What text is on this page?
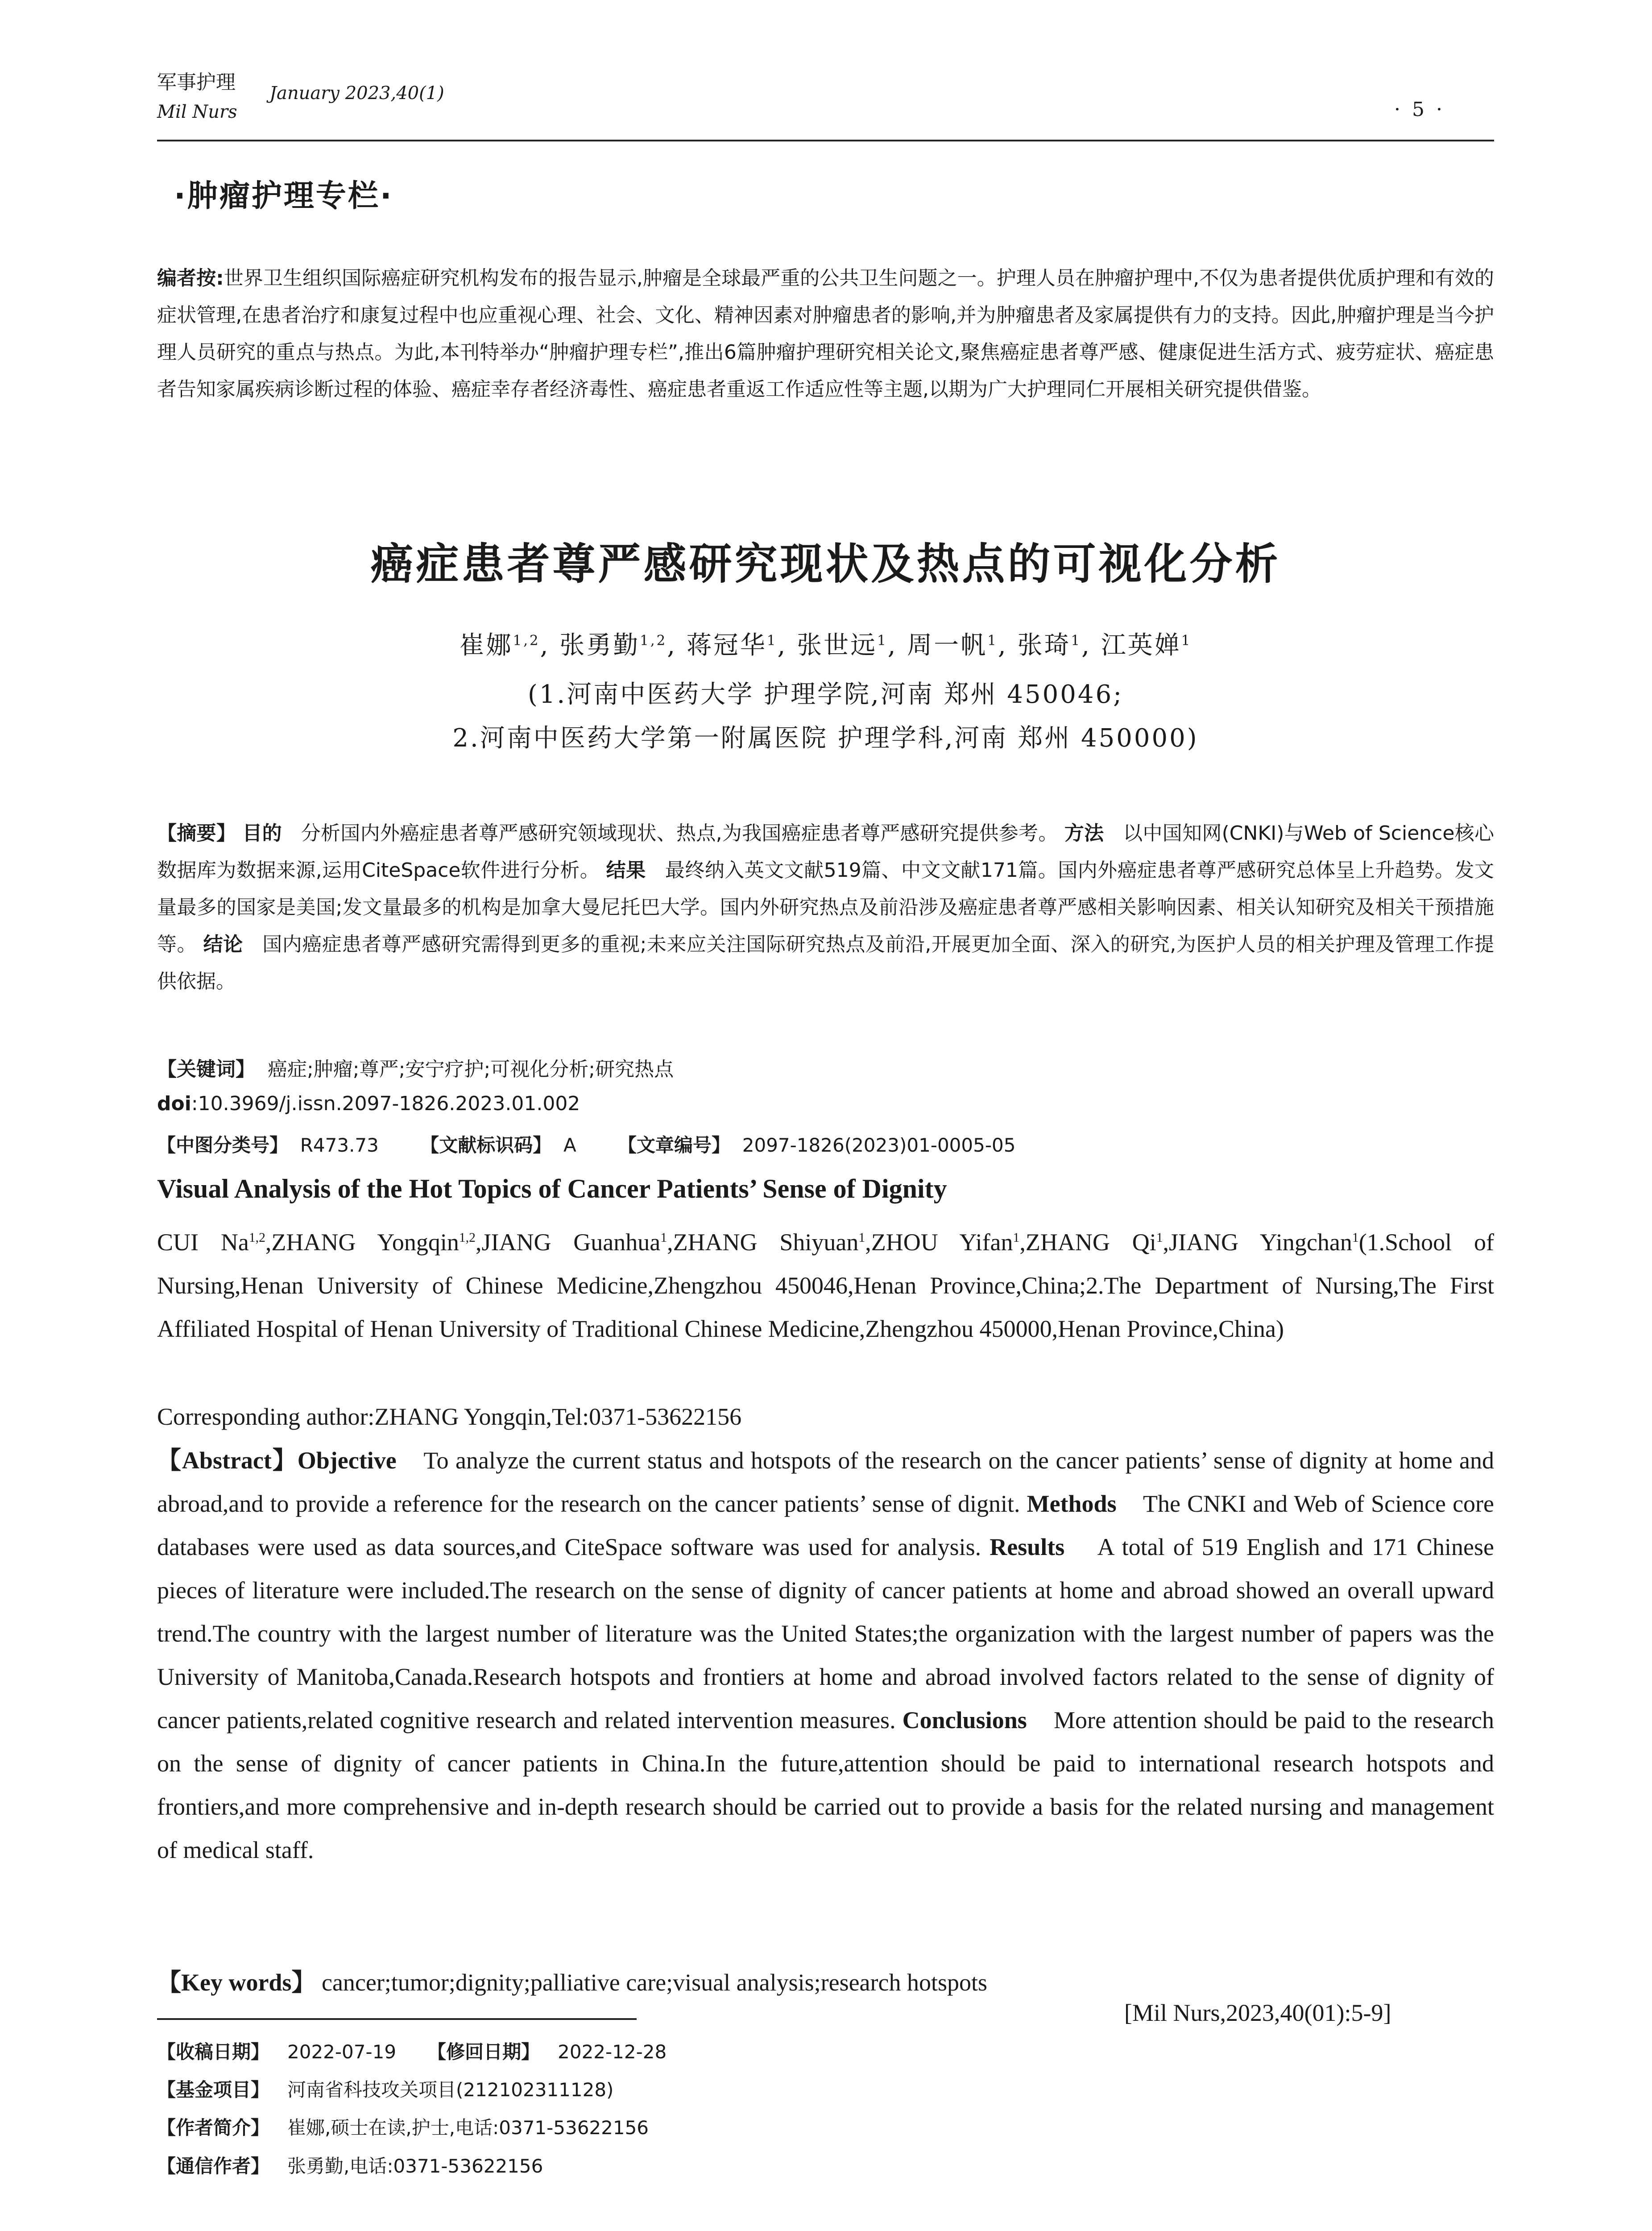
军事护理
Mil Nurs
January 2023,40(1)
· 5 ·
·肿瘤护理专栏·
编者按:世界卫生组织国际癌症研究机构发布的报告显示,肿瘤是全球最严重的公共卫生问题之一。护理人员在肿瘤护理中,不仅为患者提供优质护理和有效的症状管理,在患者治疗和康复过程中也应重视心理、社会、文化、精神因素对肿瘤患者的影响,并为肿瘤患者及家属提供有力的支持。因此,肿瘤护理是当今护理人员研究的重点与热点。为此,本刊特举办“肿瘤护理专栏”,推出6篇肿瘤护理研究相关论文,聚焦癌症患者尊严感、健康促进生活方式、疲劳症状、癌症患者告知家属疾病诊断过程的体验、癌症幸存者经济毒性、癌症患者重返工作适应性等主题,以期为广大护理同仁开展相关研究提供借鉴。
癌症患者尊严感研究现状及热点的可视化分析
崔娜$^{1,2}$, 张勇勤$^{1,2}$, 蒋冠华$^1$, 张世远$^1$, 周一帆$^1$, 张琦$^1$, 江英婵$^1$
(1.河南中医药大学 护理学院,河南 郑州 450046;
2.河南中医药大学第一附属医院 护理学科,河南 郑州 450000)
【摘要】 目的 分析国内外癌症患者尊严感研究领域现状、热点,为我国癌症患者尊严感研究提供参考。 方法 以中国知网(CNKI)与Web of Science核心数据库为数据来源,运用CiteSpace软件进行分析。 结果 最终纳入英文文献519篇、中文文献171篇。国内外癌症患者尊严感研究总体呈上升趋势。发文量最多的国家是美国;发文量最多的机构是加拿大曼尼托巴大学。国内外研究热点及前沿涉及癌症患者尊严感相关影响因素、相关认知研究及相关干预措施等。 结论 国内癌症患者尊严感研究需得到更多的重视;未来应关注国际研究热点及前沿,开展更加全面、深入的研究,为医护人员的相关护理及管理工作提供依据。
【关键词】 癌症;肿瘤;尊严;安宁疗护;可视化分析;研究热点
doi:10.3969/j.issn.2097-1826.2023.01.002
【中图分类号】 R473.73 【文献标识码】 A 【文章编号】 2097-1826(2023)01-0005-05
Visual Analysis of the Hot Topics of Cancer Patients’ Sense of Dignity
CUI Na$^{1,2}$,ZHANG Yongqin$^{1,2}$,JIANG Guanhua$^1$,ZHANG Shiyuan$^1$,ZHOU Yifan$^1$,ZHANG Qi$^1$,JIANG Yingchan$^1$(1.School of Nursing,Henan University of Chinese Medicine,Zhengzhou 450046,Henan Province,China;2.The Department of Nursing,The First Affiliated Hospital of Henan University of Traditional Chinese Medicine,Zhengzhou 450000,Henan Province,China)
Corresponding author:ZHANG Yongqin,Tel:0371-53622156
【Abstract】Objective To analyze the current status and hotspots of the research on the cancer patients’ sense of dignity at home and abroad,and to provide a reference for the research on the cancer patients’ sense of dignit. Methods The CNKI and Web of Science core databases were used as data sources,and CiteSpace software was used for analysis. Results A total of 519 English and 171 Chinese pieces of literature were included.The research on the sense of dignity of cancer patients at home and abroad showed an overall upward trend.The country with the largest number of literature was the United States;the organization with the largest number of papers was the University of Manitoba,Canada.Research hotspots and frontiers at home and abroad involved factors related to the sense of dignity of cancer patients,related cognitive research and related intervention measures. Conclusions More attention should be paid to the research on the sense of dignity of cancer patients in China.In the future,attention should be paid to international research hotspots and frontiers,and more comprehensive and in-depth research should be carried out to provide a basis for the related nursing and management of medical staff.
【Key words】 cancer;tumor;dignity;palliative care;visual analysis;research hotspots
[Mil Nurs,2023,40(01):5-9]
【收稿日期】 2022-07-19 【修回日期】 2022-12-28
【基金项目】 河南省科技攻关项目(212102311128)
【作者简介】 崔娜,硕士在读,护士,电话:0371-53622156
【通信作者】 张勇勤,电话:0371-53622156
